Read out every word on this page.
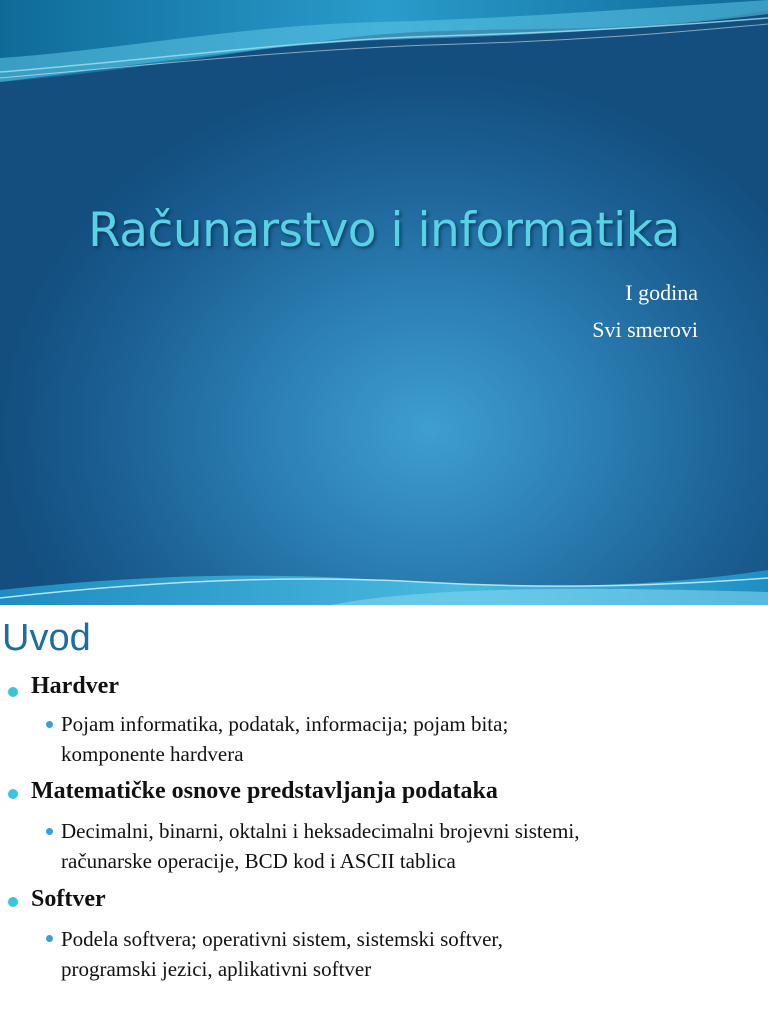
Računarstvo i informatika
I godina
Svi smerovi
Uvod
Hardver
Pojam informatika, podatak, informacija; pojam bita;
komponente hardvera
Matematičke osnove predstavljanja podataka
Decimalni, binarni, oktalni i heksadecimalni brojevni sistemi,
računarske operacije, BCD kod i ASCII tablica
Softver
Podela softvera; operativni sistem, sistemski softver,
programski jezici, aplikativni softver
